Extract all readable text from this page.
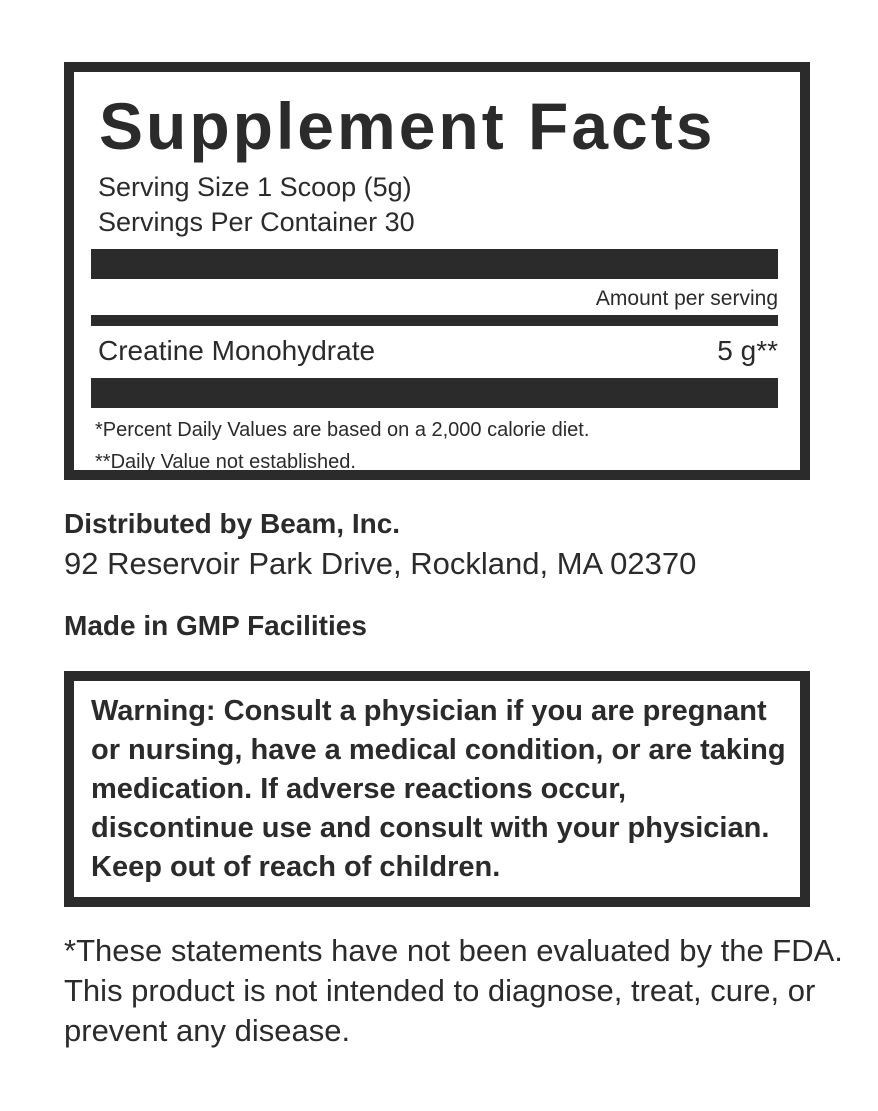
Supplement Facts
Serving Size 1 Scoop (5g)
Servings Per Container 30
Amount per serving
Creatine Monohydrate	5 g**
*Percent Daily Values are based on a 2,000 calorie diet.
**Daily Value not established.
Distributed by Beam, Inc.
92 Reservoir Park Drive, Rockland, MA 02370
Made in GMP Facilities

Warning: Consult a physician if you are pregnant or nursing, have a medical condition, or are taking medication. If adverse reactions occur, discontinue use and consult with your physician. Keep out of reach of children.

*These statements have not been evaluated by the FDA. This product is not intended to diagnose, treat, cure, or prevent any disease.
